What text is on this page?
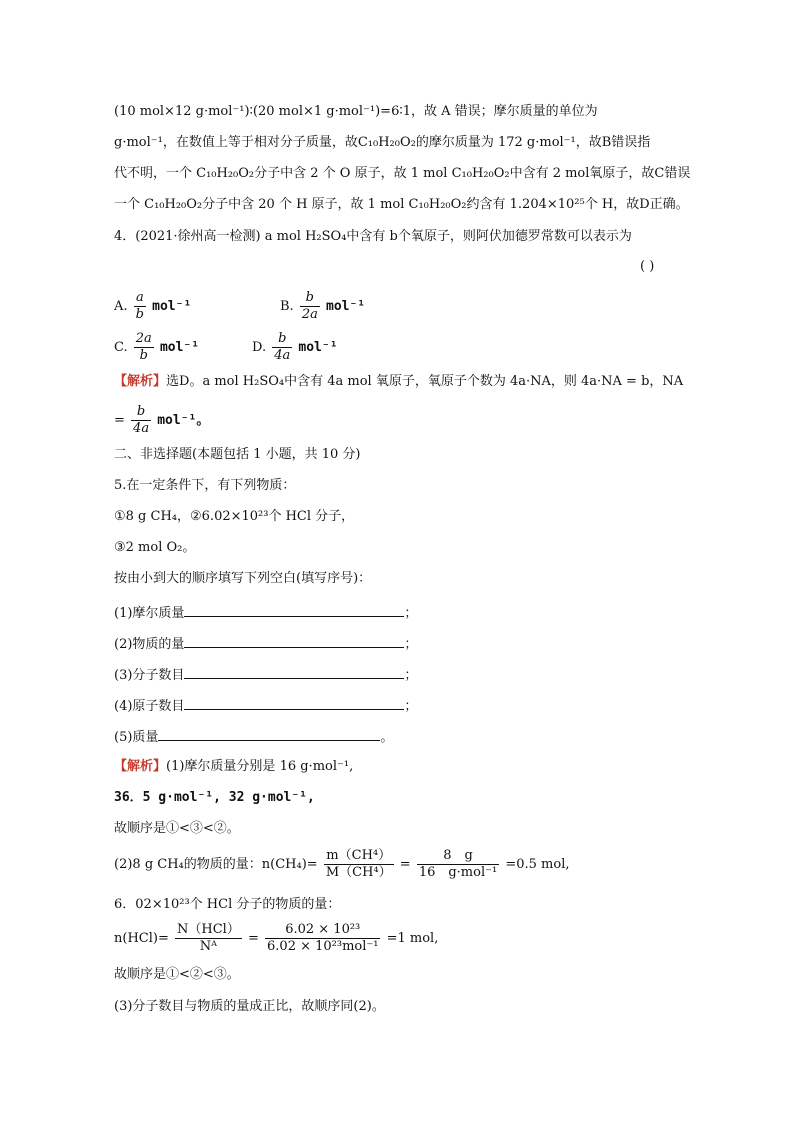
(10 mol×12 g·mol⁻¹)∶(20 mol×1 g·mol⁻¹)=6∶1，故 A 错误；摩尔质量的单位为
g·mol⁻¹，在数值上等于相对分子质量，故C₁₀H₂₀O₂的摩尔质量为 172 g·mol⁻¹，故B错误指
代不明，一个 C₁₀H₂₀O₂分子中含 2 个 O 原子，故 1 mol C₁₀H₂₀O₂中含有 2 mol氧原子，故C错误
一个 C₁₀H₂₀O₂分子中含 20 个 H 原子，故 1 mol C₁₀H₂₀O₂约含有 1.204×10²⁵个 H，故D正确。
4．(2021·徐州高一检测) a mol H₂SO₄中含有 b个氧原子，则阿伏加德罗常数可以表示为
( )
A. $\frac{a}{b} mol^{-1}$	B. $\frac{b}{2a} mol^{-1}$
C. $\frac{2a}{b} mol^{-1}$	D. $\frac{b}{4a} mol^{-1}$
【解析】选D。a mol H₂SO₄中含有 4a mol 氧原子，氧原子个数为 4a·NA，则 4a·NA = b，NA
= $\frac{b}{4a} mol^{-1}$。
二、非选择题(本题包括 1 小题，共 10 分)
5.在一定条件下，有下列物质：
①8 g CH₄，②6.02×10²³个 HCl 分子，
③2 mol O₂。
按由小到大的顺序填写下列空白(填写序号)：
(1)摩尔质量	；
(2)物质的量	；
(3)分子数目	；
(4)原子数目	；
(5)质量	。
【解析】(1)摩尔质量分别是 16 g·mol⁻¹,
36．5 g·mol⁻¹, 32 g·mol⁻¹,
故顺序是①<③<②。
(2)8 g CH₄的物质的量：$n(CH_4)= \frac{\text{m（CH⁴）}}{\text{M（CH⁴）}} = \frac{8 g}{\text{16　g·mol⁻¹}} =0.5$ mol,
6．02×10²³个 HCl 分子的物质的量：
$n(HCl)= \frac{\text{N（HCl）}}{\text{Nᴬ}} = \frac{\text{6.02 × 10²³}}{\text{6.02 × 10²³mol⁻¹}} =1$ mol,
故顺序是①<②<③。
(3)分子数目与物质的量成正比，故顺序同(2)。
